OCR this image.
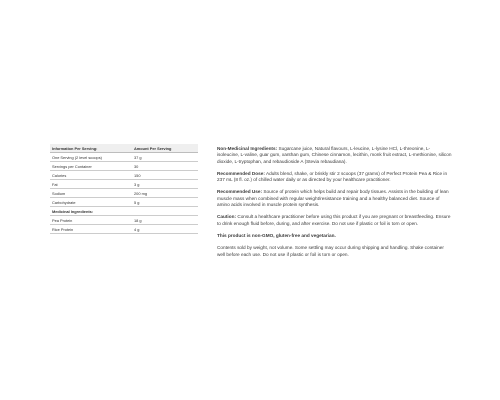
Information Per Serving:	Amount Per Serving
One Serving (2 level scoops)	37 g
Servings per Container	30
Calories	150
Fat	3 g
Sodium	200 mg
Carbohydrate	5 g
Medicinal Ingredients:	
Pea Protein	18 g
Rice Protein	4 g

Non-Medicinal Ingredients: Sugarcane juice, Natural flavours, L-leucine, L-lysine HCl, L-threonine, L-isoleucine, L-valine, guar gum, xanthan gum, Chinese cinnamon, lecithin, monk fruit extract, L-methionine, silicon dioxide, L-tryptophan, and rebaudioside A (Stevia rebaudiana).

Recommended Dose: Adults blend, shake, or briskly stir 2 scoops (37 grams) of Perfect Protein Pea & Rice in 237 mL (8 fl. oz.) of chilled water daily or as directed by your healthcare practitioner.

Recommended Use: Source of protein which helps build and repair body tissues. Assists in the building of lean muscle mass when combined with regular weight/resistance training and a healthy balanced diet. Source of amino acids involved in muscle protein synthesis.

Caution: Consult a healthcare practitioner before using this product if you are pregnant or breastfeeding. Ensure to drink enough fluid before, during, and after exercise. Do not use if plastic or foil is torn or open.

This product is non-GMO, gluten-free and vegetarian.

Contents sold by weight, not volume. Some settling may occur during shipping and handling. Shake container well before each use. Do not use if plastic or foil is torn or open.
